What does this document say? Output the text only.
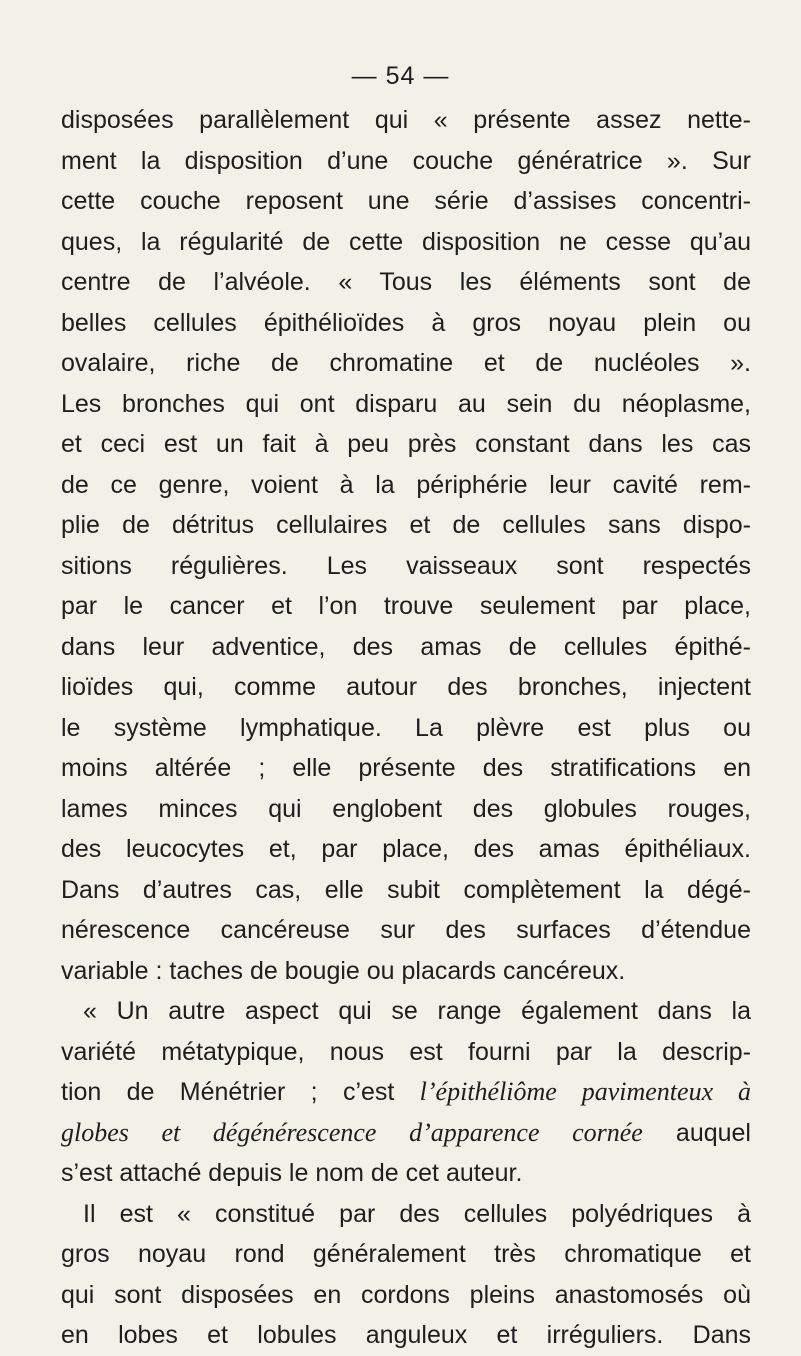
— 54 —
disposées parallèlement qui « présente assez nette-
ment la disposition d’une couche génératrice ». Sur
cette couche reposent une série d’assises concentri-
ques, la régularité de cette disposition ne cesse qu’au
centre de l’alvéole. « Tous les éléments sont de
belles cellules épithélioïdes à gros noyau plein ou
ovalaire, riche de chromatine et de nucléoles ».
Les bronches qui ont disparu au sein du néoplasme,
et ceci est un fait à peu près constant dans les cas
de ce genre, voient à la périphérie leur cavité rem-
plie de détritus cellulaires et de cellules sans dispo-
sitions régulières. Les vaisseaux sont respectés
par le cancer et l’on trouve seulement par place,
dans leur adventice, des amas de cellules épithé-
lioïdes qui, comme autour des bronches, injectent
le système lymphatique. La plèvre est plus ou
moins altérée ; elle présente des stratifications en
lames minces qui englobent des globules rouges,
des leucocytes et, par place, des amas épithéliaux.
Dans d’autres cas, elle subit complètement la dégé-
nérescence cancéreuse sur des surfaces d’étendue
variable : taches de bougie ou placards cancéreux.
« Un autre aspect qui se range également dans la
variété métatypique, nous est fourni par la descrip-
tion de Ménétrier ; c’est l’épithéliôme pavimenteux à
globes et dégénérescence d’apparence cornée auquel
s’est attaché depuis le nom de cet auteur.
Il est « constitué par des cellules polyédriques à
gros noyau rond généralement très chromatique et
qui sont disposées en cordons pleins anastomosés où
en lobes et lobules anguleux et irréguliers. Dans
